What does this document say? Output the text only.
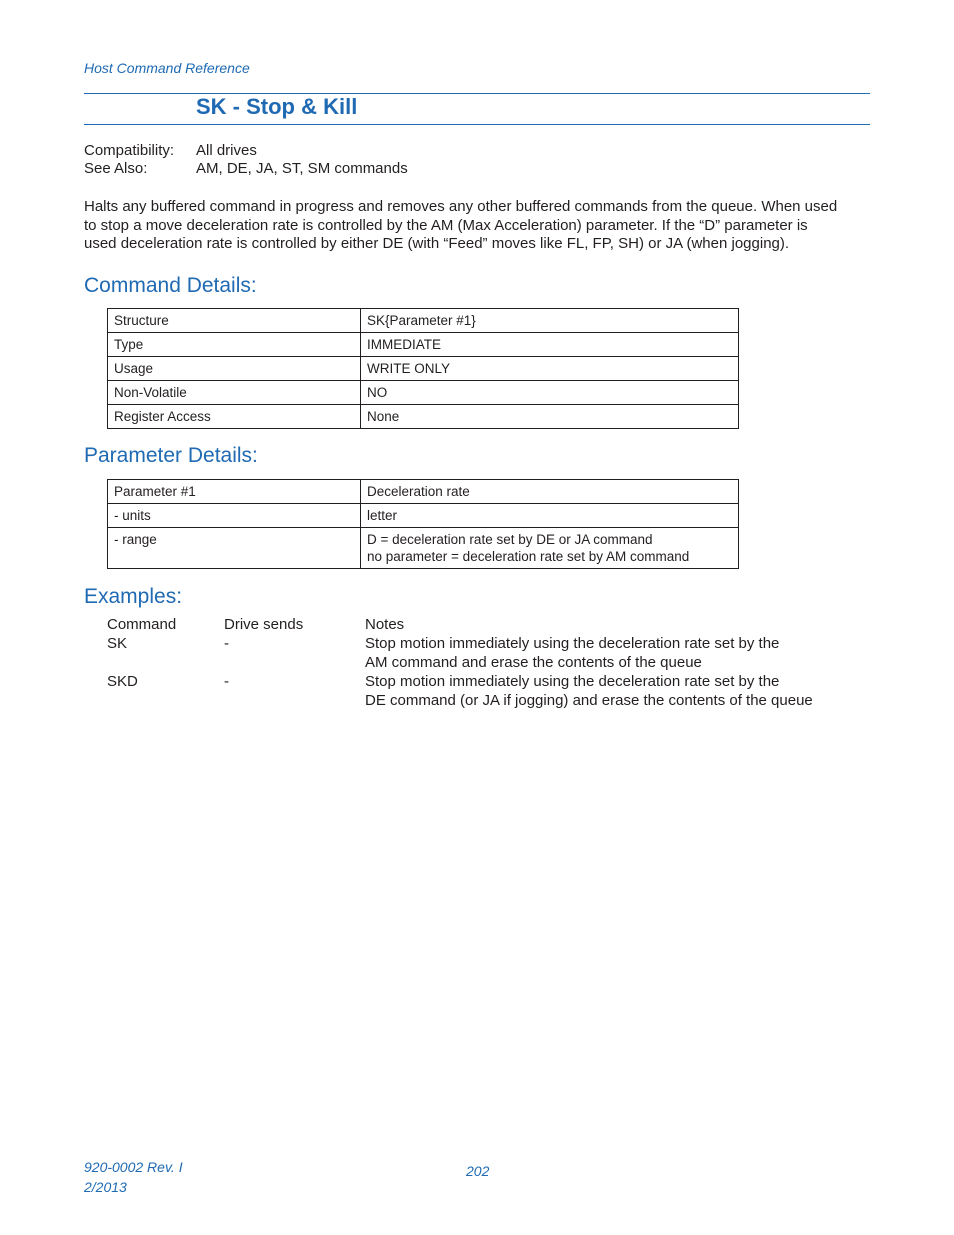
Host Command Reference
SK - Stop & Kill
Compatibility: All drives
See Also:	AM, DE, JA, ST, SM commands
Halts any buffered command in progress and removes any other buffered commands from the queue. When used
to stop a move deceleration rate is controlled by the AM (Max Acceleration) parameter. If the “D” parameter is
used deceleration rate is controlled by either DE (with “Feed” moves like FL, FP, SH) or JA (when jogging).
Command Details:
Structure	SK{Parameter #1}
Type	IMMEDIATE
Usage	WRITE ONLY
Non-Volatile	NO
Register Access	None
Parameter Details:
Parameter #1	Deceleration rate
- units	letter
- range	D = deceleration rate set by DE or JA command
no parameter = deceleration rate set by AM command
Examples:
Command	Drive sends	Notes
SK	-	Stop motion immediately using the deceleration rate set by the
AM command and erase the contents of the queue
SKD	-	Stop motion immediately using the deceleration rate set by the
DE command (or JA if jogging) and erase the contents of the queue
920-0002 Rev. I
2/2013
202
